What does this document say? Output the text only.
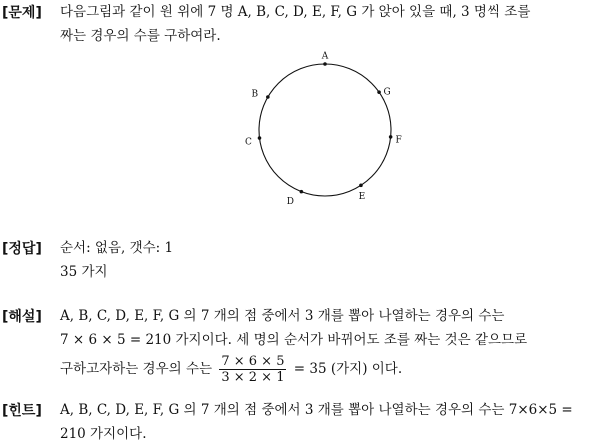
[문제] 다음그림과 같이 원 위에 7 명 A, B, C, D, E, F, G 가 앉아 있을 때, 3 명씩 조를
짜는 경우의 수를 구하여라.
A
B
C
D
E
F
G
[정답] 순서: 없음, 갯수: 1
35 가지
[해설] A, B, C, D, E, F, G 의 7 개의 점 중에서 3 개를 뽑아 나열하는 경우의 수는
7 × 6 × 5 = 210 가지이다. 세 명의 순서가 바뀌어도 조를 짜는 것은 같으므로
구하고자하는 경우의 수는 $\frac{7 \times 6 \times 5}{3 \times 2 \times 1} = 35$ (가지) 이다.
[힌트] A, B, C, D, E, F, G 의 7 개의 점 중에서 3 개를 뽑아 나열하는 경우의 수는 7×6×5 =
210 가지이다.
